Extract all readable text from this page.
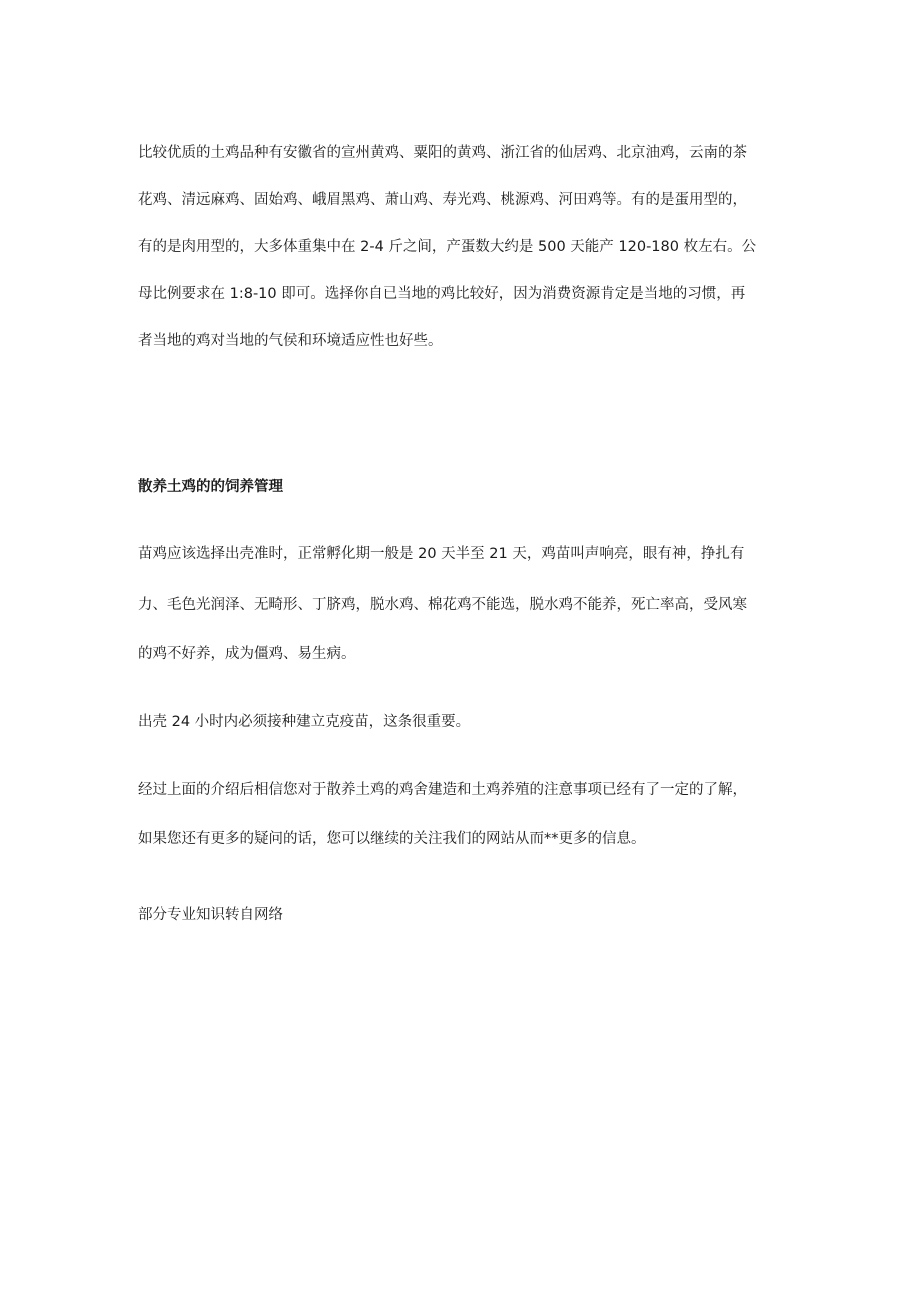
比较优质的土鸡品种有安徽省的宣州黄鸡、粟阳的黄鸡、浙江省的仙居鸡、北京油鸡，云南的茶
花鸡、清远麻鸡、固始鸡、峨眉黑鸡、萧山鸡、寿光鸡、桃源鸡、河田鸡等。有的是蛋用型的，
有的是肉用型的，大多体重集中在 2-4 斤之间，产蛋数大约是 500 天能产 120-180 枚左右。公
母比例要求在 1:8-10 即可。选择你自已当地的鸡比较好，因为消费资源肯定是当地的习惯，再
者当地的鸡对当地的气侯和环境适应性也好些。
散养土鸡的的饲养管理
苗鸡应该选择出壳准时，正常孵化期一般是 20 天半至 21 天，鸡苗叫声响亮，眼有神，挣扎有
力、毛色光润泽、无畸形、丁脐鸡，脱水鸡、棉花鸡不能选，脱水鸡不能养，死亡率高，受风寒
的鸡不好养，成为僵鸡、易生病。
出壳 24 小时内必须接种建立克疫苗，这条很重要。
经过上面的介绍后相信您对于散养土鸡的鸡舍建造和土鸡养殖的注意事项已经有了一定的了解，
如果您还有更多的疑问的话，您可以继续的关注我们的网站从而**更多的信息。
部分专业知识转自网络
